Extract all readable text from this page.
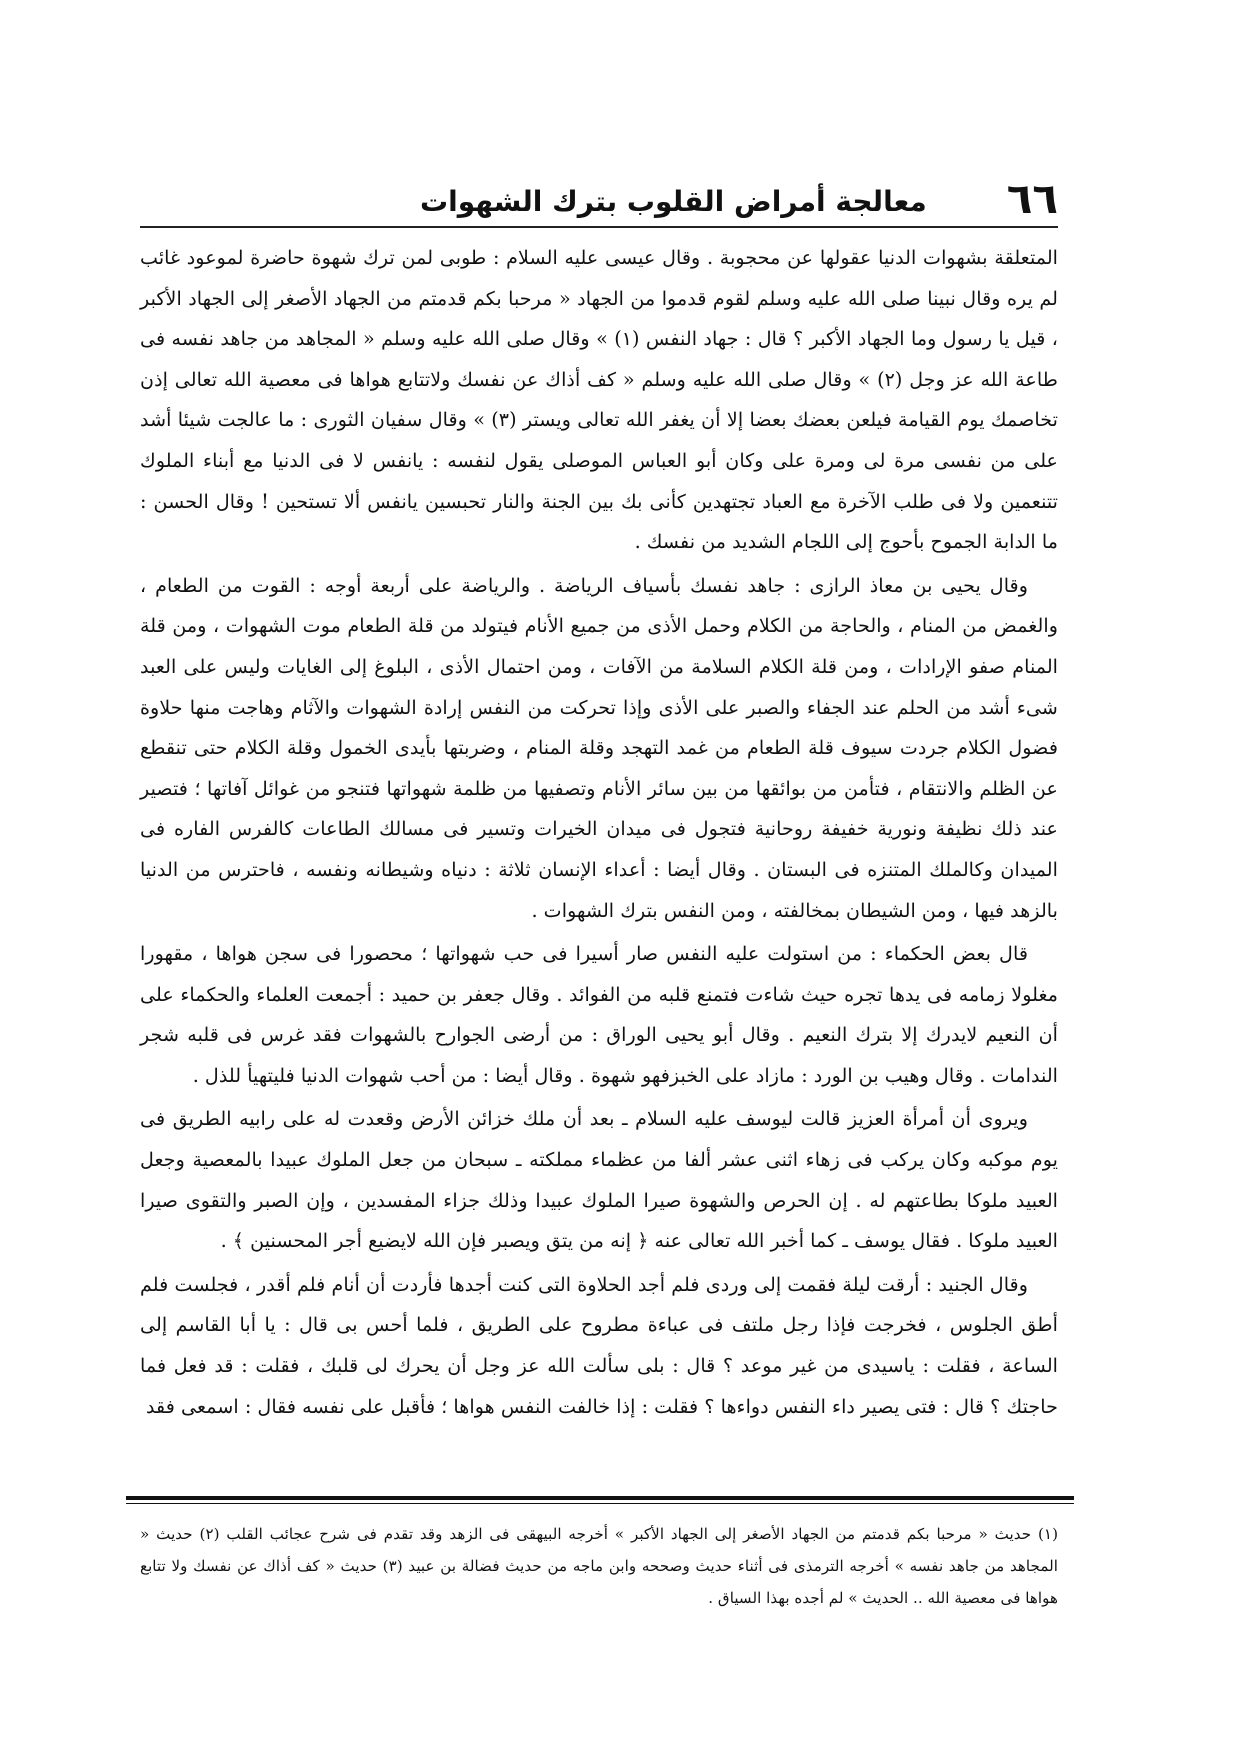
٦٦
معالجة أمراض القلوب بترك الشهوات

المتعلقة بشهوات الدنيا عقولها عن محجوبة . وقال عيسى عليه السلام : طوبى لمن ترك شهوة حاضرة لموعود غائب لم يره وقال نبينا صلى الله عليه وسلم لقوم قدموا من الجهاد « مرحبا بكم قدمتم من الجهاد الأصغر إلى الجهاد الأكبر ، قيل يا رسول وما الجهاد الأكبر ؟ قال : جهاد النفس (١) » وقال صلى الله عليه وسلم « المجاهد من جاهد نفسه فى طاعة الله عز وجل (٢) » وقال صلى الله عليه وسلم « كف أذاك عن نفسك ولاتتابع هواها فى معصية الله تعالى إذن تخاصمك يوم القيامة فيلعن بعضك بعضا إلا أن يغفر الله تعالى ويستر (٣) » وقال سفيان الثورى : ما عالجت شيئا أشد على من نفسى مرة لى ومرة على وكان أبو العباس الموصلى يقول لنفسه : يانفس لا فى الدنيا مع أبناء الملوك تتنعمين ولا فى طلب الآخرة مع العباد تجتهدين كأنى بك بين الجنة والنار تحبسين يانفس ألا تستحين ! وقال الحسن : ما الدابة الجموح بأحوج إلى اللجام الشديد من نفسك .

وقال يحيى بن معاذ الرازى : جاهد نفسك بأسياف الرياضة . والرياضة على أربعة أوجه : القوت من الطعام ، والغمض من المنام ، والحاجة من الكلام وحمل الأذى من جميع الأنام فيتولد من قلة الطعام موت الشهوات ، ومن قلة المنام صفو الإرادات ، ومن قلة الكلام السلامة من الآفات ، ومن احتمال الأذى ، البلوغ إلى الغايات وليس على العبد شىء أشد من الحلم عند الجفاء والصبر على الأذى وإذا تحركت من النفس إرادة الشهوات والآثام وهاجت منها حلاوة فضول الكلام جردت سيوف قلة الطعام من غمد التهجد وقلة المنام ، وضربتها بأيدى الخمول وقلة الكلام حتى تنقطع عن الظلم والانتقام ، فتأمن من بوائقها من بين سائر الأنام وتصفيها من ظلمة شهواتها فتنجو من غوائل آفاتها ؛ فتصير عند ذلك نظيفة ونورية خفيفة روحانية فتجول فى ميدان الخيرات وتسير فى مسالك الطاعات كالفرس الفاره فى الميدان وكالملك المتنزه فى البستان . وقال أيضا : أعداء الإنسان ثلاثة : دنياه وشيطانه ونفسه ، فاحترس من الدنيا بالزهد فيها ، ومن الشيطان بمخالفته ، ومن النفس بترك الشهوات .

قال بعض الحكماء : من استولت عليه النفس صار أسيرا فى حب شهواتها ؛ محصورا فى سجن هواها ، مقهورا مغلولا زمامه فى يدها تجره حيث شاءت فتمنع قلبه من الفوائد . وقال جعفر بن حميد : أجمعت العلماء والحكماء على أن النعيم لايدرك إلا بترك النعيم . وقال أبو يحيى الوراق : من أرضى الجوارح بالشهوات فقد غرس فى قلبه شجر الندامات . وقال وهيب بن الورد : مازاد على الخبزفهو شهوة . وقال أيضا : من أحب شهوات الدنيا فليتهيأ للذل .

ويروى أن أمرأة العزيز قالت ليوسف عليه السلام ـ بعد أن ملك خزائن الأرض وقعدت له على رابيه الطريق فى يوم موكبه وكان يركب فى زهاء اثنى عشر ألفا من عظماء مملكته ـ سبحان من جعل الملوك عبيدا بالمعصية وجعل العبيد ملوكا بطاعتهم له . إن الحرص والشهوة صيرا الملوك عبيدا وذلك جزاء المفسدين ، وإن الصبر والتقوى صيرا العبيد ملوكا . فقال يوسف ـ كما أخبر الله تعالى عنه ﴿ إنه من يتق ويصبر فإن الله لايضيع أجر المحسنين ﴾ .

وقال الجنيد : أرقت ليلة فقمت إلى وردى فلم أجد الحلاوة التى كنت أجدها فأردت أن أنام فلم أقدر ، فجلست فلم أطق الجلوس ، فخرجت فإذا رجل ملتف فى عباءة مطروح على الطريق ، فلما أحس بى قال : يا أبا القاسم إلى الساعة ، فقلت : ياسيدى من غير موعد ؟ قال : بلى سألت الله عز وجل أن يحرك لى قلبك ، فقلت : قد فعل فما حاجتك ؟ قال : فتى يصير داء النفس دواءها ؟ فقلت : إذا خالفت النفس هواها ؛ فأقبل على نفسه فقال : اسمعى فقد

(١) حديث « مرحبا بكم قدمتم من الجهاد الأصغر إلى الجهاد الأكبر » أخرجه البيهقى فى الزهد وقد تقدم فى شرح عجائب القلب (٢) حديث « المجاهد من جاهد نفسه » أخرجه الترمذى فى أثناء حديث وصححه وابن ماجه من حديث فضالة بن عبيد (٣) حديث « كف أذاك عن نفسك ولا تتابع هواها فى معصية الله .. الحديث » لم أجده بهذا السياق .
